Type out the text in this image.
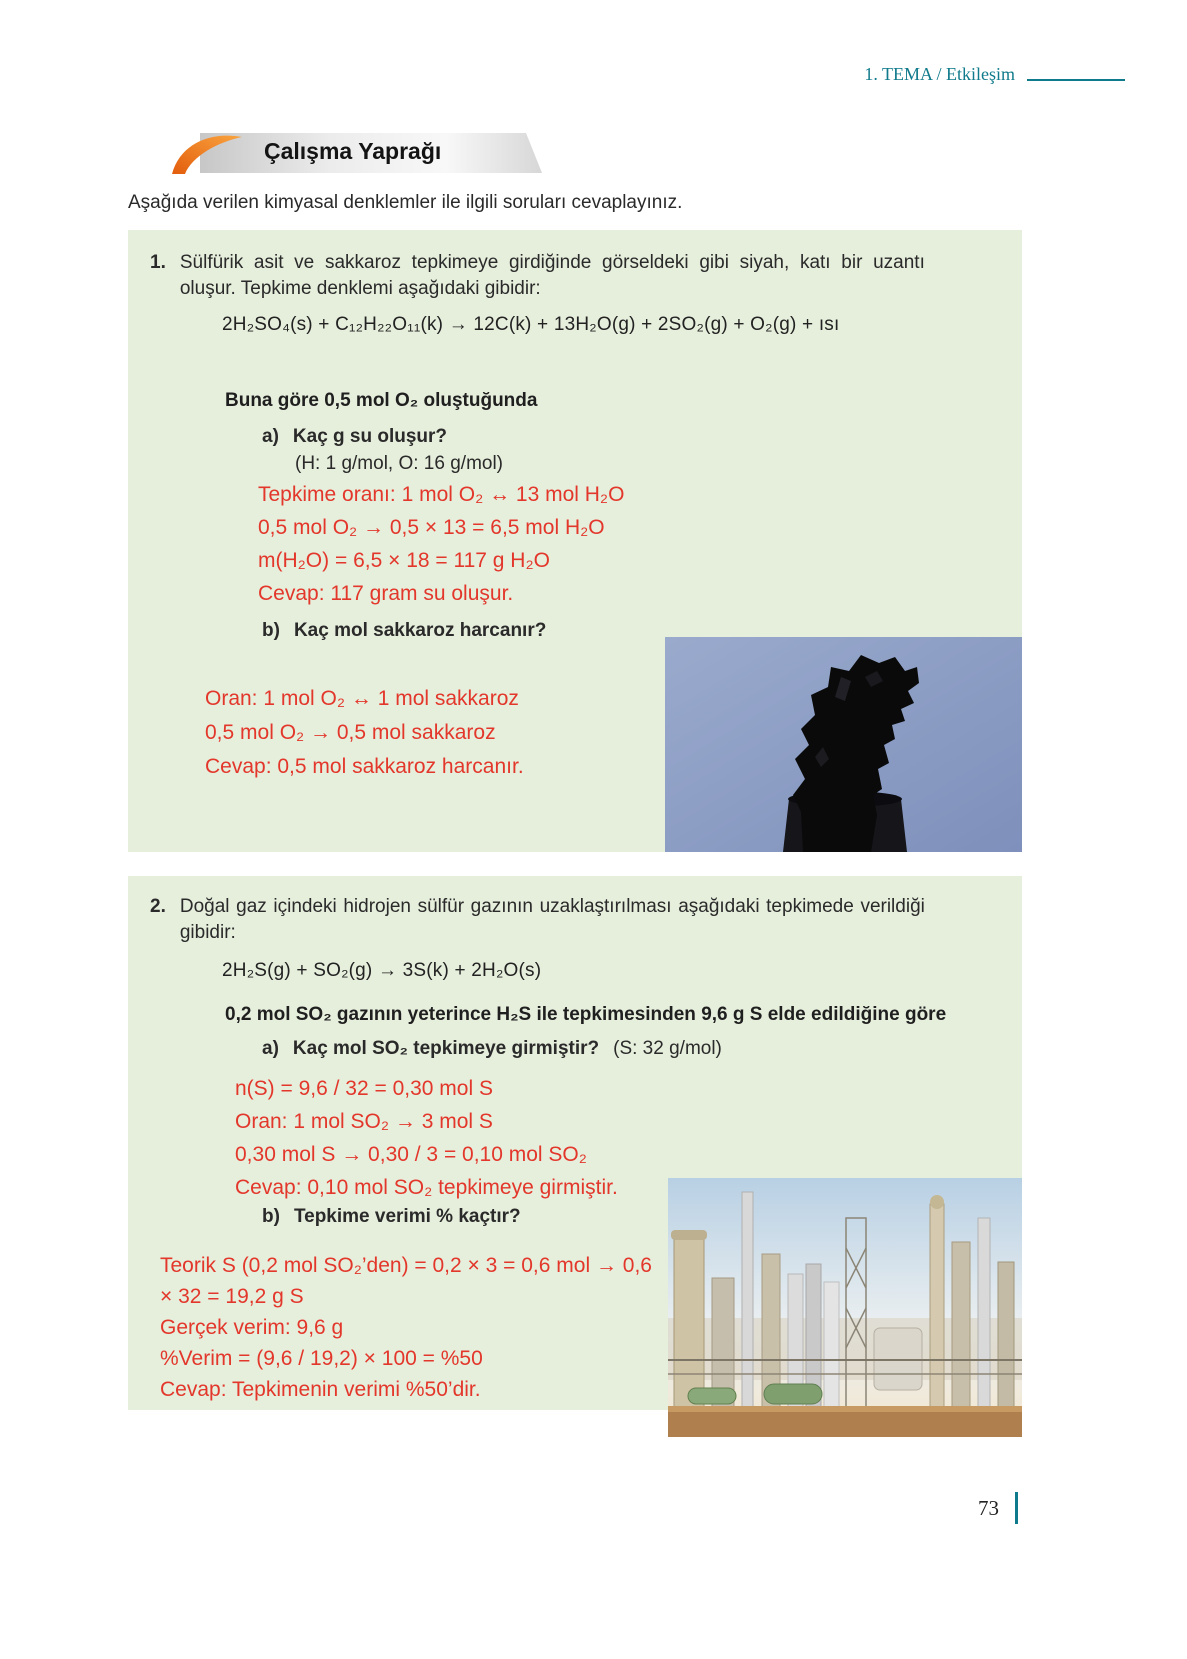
1. TEMA / Etkileşim
Çalışma Yaprağı

Aşağıda verilen kimyasal denklemler ile ilgili soruları cevaplayınız.

1. Sülfürik asit ve sakkaroz tepkimeye girdiğinde görseldeki gibi siyah, katı bir uzantı oluşur. Tepkime denklemi aşağıdaki gibidir:

2H₂SO₄(s) + C₁₂H₂₂O₁₁(k) → 12C(k) + 13H₂O(g) + 2SO₂(g) + O₂(g) + ısı

Buna göre 0,5 mol O₂ oluştuğunda

a) Kaç g su oluşur?

(H: 1 g/mol, O: 16 g/mol)

Tepkime oranı: 1 mol O₂ ↔ 13 mol H₂O

0,5 mol O₂ → 0,5 × 13 = 6,5 mol H₂O

m(H₂O) = 6,5 × 18 = 117 g H₂O

Cevap: 117 gram su oluşur.

b) Kaç mol sakkaroz harcanır?

Oran: 1 mol O₂ ↔ 1 mol sakkaroz

0,5 mol O₂ → 0,5 mol sakkaroz

Cevap: 0,5 mol sakkaroz harcanır.

2. Doğal gaz içindeki hidrojen sülfür gazının uzaklaştırılması aşağıdaki tepkimede verildiği gibidir:

2H₂S(g) + SO₂(g) → 3S(k) + 2H₂O(s)

0,2 mol SO₂ gazının yeterince H₂S ile tepkimesinden 9,6 g S elde edildiğine göre

a) Kaç mol SO₂ tepkimeye girmiştir? (S: 32 g/mol)

n(S) = 9,6 / 32 = 0,30 mol S

Oran: 1 mol SO₂ → 3 mol S

0,30 mol S → 0,30 / 3 = 0,10 mol SO₂

Cevap: 0,10 mol SO₂ tepkimeye girmiştir.

b) Tepkime verimi % kaçtır?

Teorik S (0,2 mol SO₂’den) = 0,2 × 3 = 0,6 mol → 0,6

× 32 = 19,2 g S

Gerçek verim: 9,6 g

%Verim = (9,6 / 19,2) × 100 = %50

Cevap: Tepkimenin verimi %50’dir.

73
